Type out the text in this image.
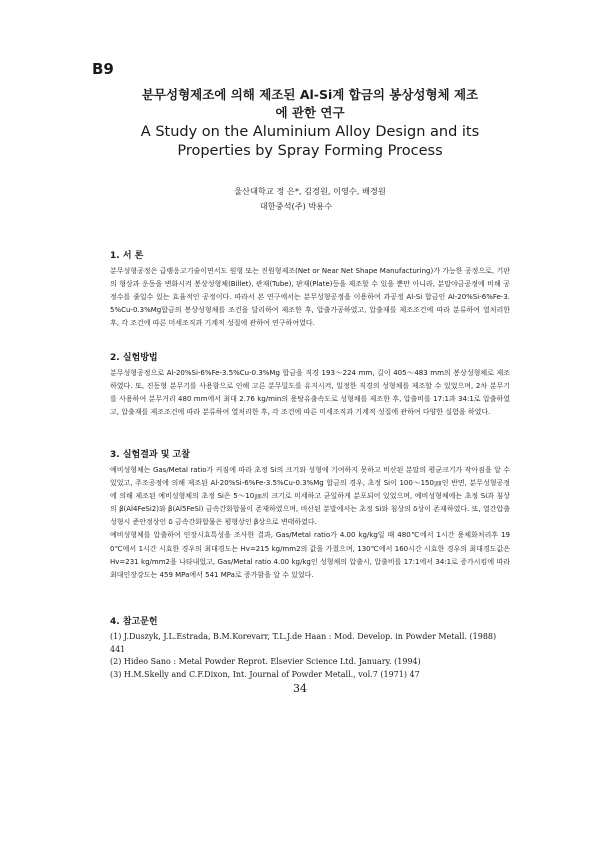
B9
분무성형제조에 의해 제조된 Al-Si계 합금의 봉상성형체 제조에 관한 연구
A Study on the Aluminium Alloy Design and its Properties by Spray Forming Process
울산대학교 정 은*, 김경원, 이영수, 배경원
대한중석(주) 박용수
1. 서 론

분무성형공정은 급랭응고기술이면서도 원형 또는 진원형제조(Net or Near Net Shape Manufacturing)가 가능한 공정으로, 기판의 형상과 운동을 변화시켜 봉상성형체(Billet), 관재(Tube), 판재(Plate)등을 제조할 수 있을 뿐만 아니라, 분말야금공정에 비해 공정수를 줄일수 있는 효율적인 공정이다. 따라서 본 연구에서는 분무성형공정을 이용하여 과공정 Al-Si 합금인 Al-20%Si-6%Fe-3.5%Cu-0.3%Mg합금의 봉상성형체를 조건을 달리하여 제조한 후, 압출가공하였고, 압출재를 제조조건에 따라 분류하여 열처리한 후, 각 조건에 따른 미세조직과 기계적 성질에 관하여 연구하여였다.

2. 실험방법

분무성형공정으로 Al-20%Si-6%Fe-3.5%Cu-0.3%Mg 합금을 직경 193～224 mm, 길이 405～483 mm의 봉상성형체로 제조하였다. 또, 진동형 분무기를 사용함으로 인해 고른 분무밀도를 유지시켜, 일정한 직경의 성형체를 제조할 수 있었으며, 2차 분무기를 사용하여 분무거리 480 mm에서 최대 2.76 kg/min의 용탕유출속도로 성형체를 제조한 후, 압출비를 17:1과 34:1로 압출하였고, 압출재를 제조조건에 따라 분류하여 열처리한 후, 각 조건에 따른 미세조직과 기계적 성질에 관하여 다양한 실험을 하였다.

3. 실험결과 및 고찰

예비성형체는 Gas/Metal ratio가 커짐에 따라 초정 Si의 크기와 성형에 기여하지 못하고 비산된 분말의 평균크기가 작아짐을 알 수 있었고, 주조공정에 의해 제조된 Al-20%Si-6%Fe-3.5%Cu-0.3%Mg 합금의 경우, 초정 Si이 100～150㎛인 반면, 분무성형공정에 의해 제조된 예비성형체의 초정 Si은 5～10㎛의 크기로 미세하고 균일하게 분포되어 있었으며, 예비성형체에는 초정 Si과 침상의 β(Al4FeSi2)와 β(Al5FeSi) 금속간화합물이 존재하였으며, 비산된 분말에서는 초정 Si와 침상의 δ상이 존재하였다. 또, 열간압출성형시 준안정상인 δ 금속간화합물은 평형상인 β상으로 변태하였다.

예비성형체를 압출하여 인장시효특성을 조사한 결과, Gas/Metal ratio가 4.00 kg/kg일 때 480℃에서 1시간 용체화처리후 190℃에서 1시간 시효한 경우의 최대경도는 Hv=215 kg/mm2의 값을 가졌으며, 130℃에서 160시간 시효한 경우의 최대경도값은 Hv=231 kg/mm2을 나타내었고, Gas/Metal ratio 4.00 kg/kg인 성형체의 압출시, 압출비를 17:1에서 34:1로 증가시킴에 따라 최대인장강도는 459 MPa에서 541 MPa로 증가함을 알 수 있었다.

4. 참고문헌

(1) J.Duszyk, J.L.Estrada, B.M.Korevarr, T.L.J.de Haan : Mod. Develop. in Powder Metall. (1988) 441

(2) Hideo Sano : Metal Powder Reprot. Elsevier Science Ltd. January. (1994)

(3) H.M.Skelly and C.F.Dixon, Int. Journal of Powder Metall., vol.7 (1971) 47

34
